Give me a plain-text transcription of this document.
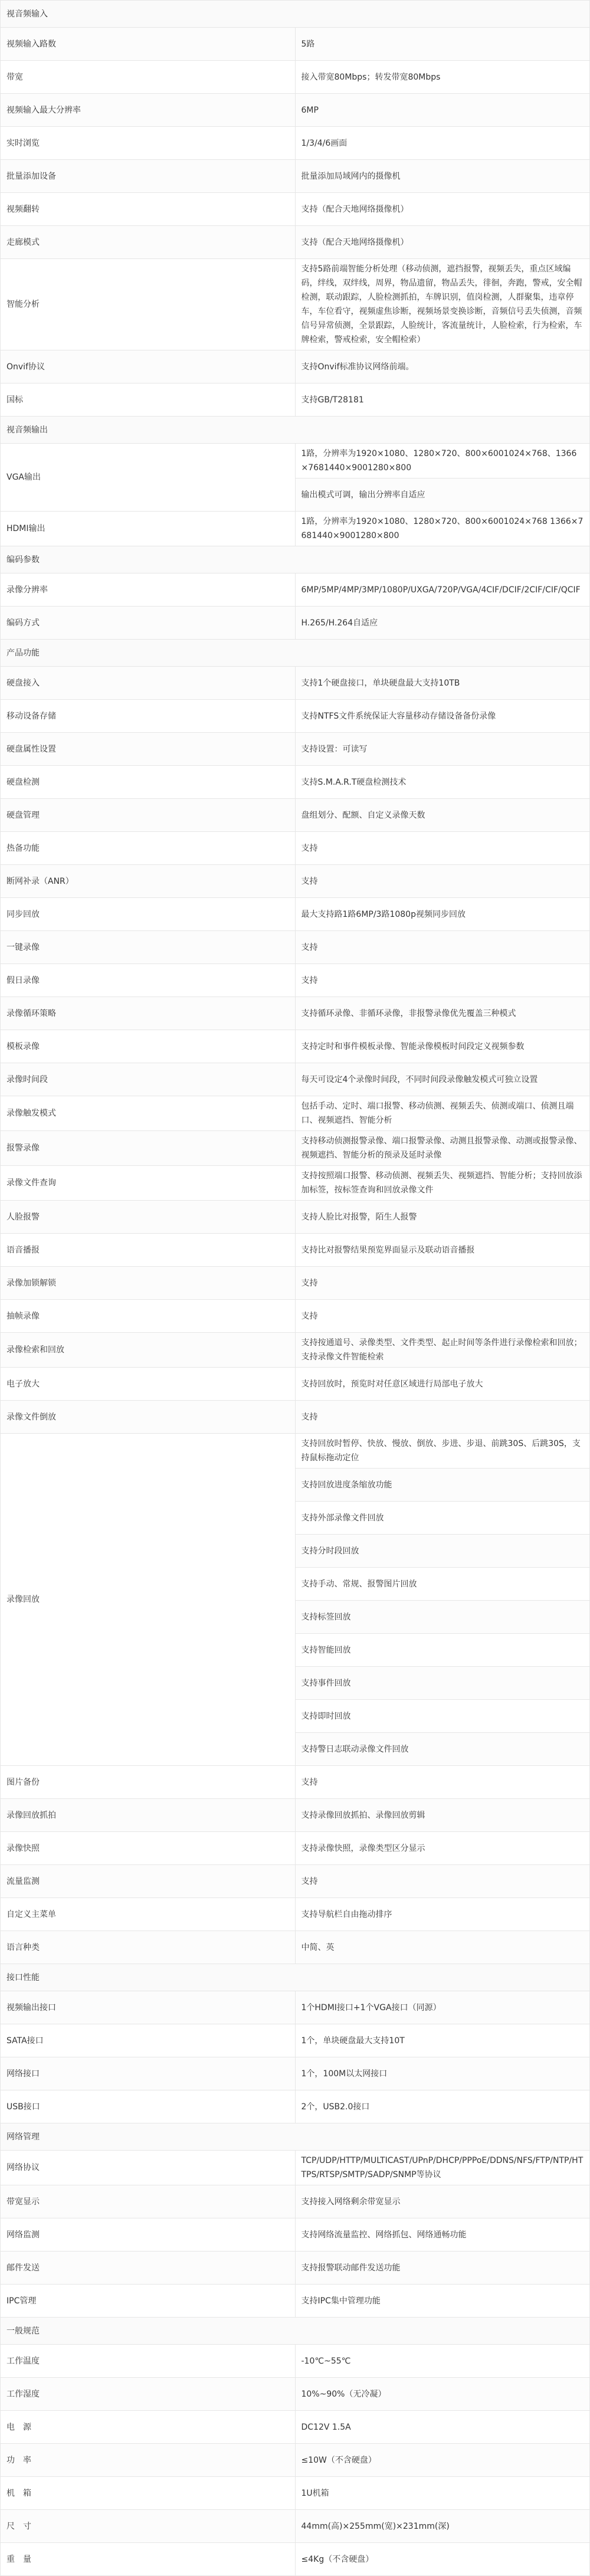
视音频输入	
视频输入路数	5路
带宽	接入带宽80Mbps；转发带宽80Mbps
视频输入最大分辨率	6MP
实时浏览	1/3/4/6画面
批量添加设备	批量添加局域网内的摄像机
视频翻转	支持（配合天地网络摄像机）
走廊模式	支持（配合天地网络摄像机）
智能分析	支持5路前端智能分析处理（移动侦测，遮挡报警，视频丢失，重点区域编码，绊线，双绊线，周界，物品遗留，物品丢失，徘徊，奔跑，警戒，安全帽检测，联动跟踪，人脸检测抓拍，车牌识别，值岗检测，人群聚集，违章停车，车位看守，视频虚焦诊断，视频场景变换诊断，音频信号丢失侦测，音频信号异常侦测，全景跟踪，人脸统计，客流量统计，人脸检索，行为检索，车牌检索，警戒检索，安全帽检索）
Onvif协议	支持Onvif标准协议网络前端。
国标	支持GB/T28181
视音频输出	
VGA输出	1路，分辨率为1920×1080、1280×720、800×6001024×768、1366×7681440×9001280×800
	输出模式可调，输出分辨率自适应
HDMI输出	1路，分辨率为1920×1080、1280×720、800×6001024×768 1366×7681440×9001280×800
编码参数	
录像分辨率	6MP/5MP/4MP/3MP/1080P/UXGA/720P/VGA/4CIF/DCIF/2CIF/CIF/QCIF
编码方式	H.265/H.264自适应
产品功能	
硬盘接入	支持1个硬盘接口，单块硬盘最大支持10TB
移动设备存储	支持NTFS文件系统保证大容量移动存储设备备份录像
硬盘属性设置	支持设置：可读写
硬盘检测	支持S.M.A.R.T硬盘检测技术
硬盘管理	盘组划分、配额、自定义录像天数
热备功能	支持
断网补录（ANR）	支持
同步回放	最大支持路1路6MP/3路1080p视频同步回放
一键录像	支持
假日录像	支持
录像循环策略	支持循环录像、非循环录像，非报警录像优先覆盖三种模式
模板录像	支持定时和事件模板录像、智能录像模板时间段定义视频参数
录像时间段	每天可设定4个录像时间段，不同时间段录像触发模式可独立设置
录像触发模式	包括手动、定时、端口报警、移动侦测、视频丢失、侦测或端口、侦测且端口、视频遮挡、智能分析
报警录像	支持移动侦测报警录像、端口报警录像、动测且报警录像、动测或报警录像、视频遮挡、智能分析的预录及延时录像
录像文件查询	支持按照端口报警、移动侦测、视频丢失、视频遮挡、智能分析；支持回放添加标签，按标签查询和回放录像文件
人脸报警	支持人脸比对报警，陌生人报警
语音播报	支持比对报警结果预览界面显示及联动语音播报
录像加锁解锁	支持
抽帧录像	支持
录像检索和回放	支持按通道号、录像类型、文件类型、起止时间等条件进行录像检索和回放；支持录像文件智能检索
电子放大	支持回放时，预览时对任意区域进行局部电子放大
录像文件倒放	支持
录像回放	支持回放时暂停、快放、慢放、倒放、步进、步退、前跳30S、后跳30S，支持鼠标拖动定位
	支持回放进度条缩放功能
	支持外部录像文件回放
	支持分时段回放
	支持手动、常规、报警图片回放
	支持标签回放
	支持智能回放
	支持事件回放
	支持即时回放
	支持警日志联动录像文件回放
图片备份	支持
录像回放抓拍	支持录像回放抓拍、录像回放剪辑
录像快照	支持录像快照，录像类型区分显示
流量监测	支持
自定义主菜单	支持导航栏自由拖动排序
语言种类	中简、英
接口性能	
视频输出接口	1个HDMI接口+1个VGA接口（同源）
SATA接口	1个，单块硬盘最大支持10T
网络接口	1个，100M以太网接口
USB接口	2个，USB2.0接口
网络管理	
网络协议	TCP/UDP/HTTP/MULTICAST/UPnP/DHCP/PPPoE/DDNS/NFS/FTP/NTP/HTTPS/RTSP/SMTP/SADP/SNMP等协议
带宽显示	支持接入网络剩余带宽显示
网络监测	支持网络流量监控、网络抓包、网络通畅功能
邮件发送	支持报警联动邮件发送功能
IPC管理	支持IPC集中管理功能
一般规范	
工作温度	-10℃~55℃
工作湿度	10%~90%（无冷凝）
电　源	DC12V 1.5A
功　率	≤10W（不含硬盘）
机　箱	1U机箱
尺　寸	44mm(高)×255mm(宽)×231mm(深)
重　量	≤4Kg（不含硬盘）
